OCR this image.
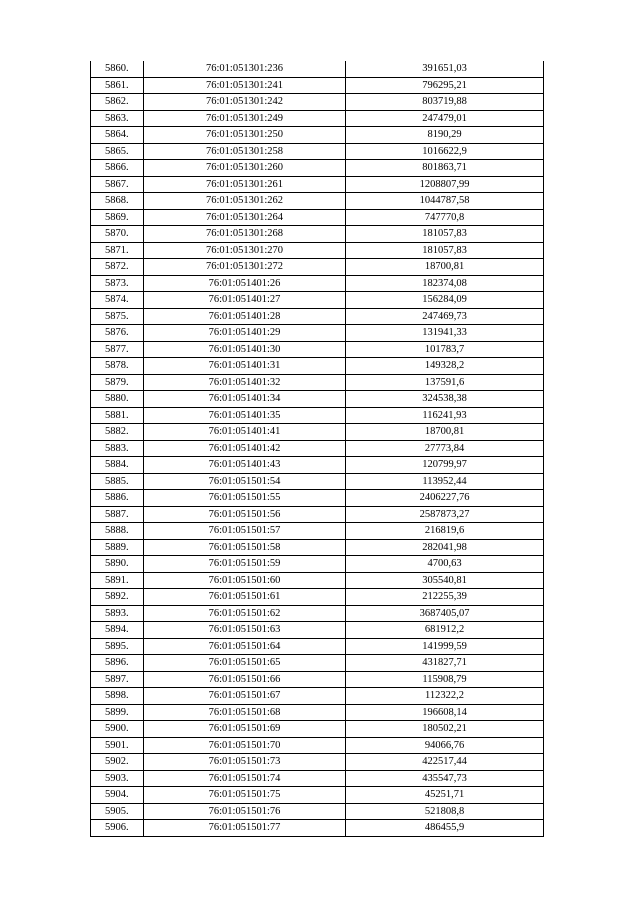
5860.	76:01:051301:236	391651,03
5861.	76:01:051301:241	796295,21
5862.	76:01:051301:242	803719,88
5863.	76:01:051301:249	247479,01
5864.	76:01:051301:250	8190,29
5865.	76:01:051301:258	1016622,9
5866.	76:01:051301:260	801863,71
5867.	76:01:051301:261	1208807,99
5868.	76:01:051301:262	1044787,58
5869.	76:01:051301:264	747770,8
5870.	76:01:051301:268	181057,83
5871.	76:01:051301:270	181057,83
5872.	76:01:051301:272	18700,81
5873.	76:01:051401:26	182374,08
5874.	76:01:051401:27	156284,09
5875.	76:01:051401:28	247469,73
5876.	76:01:051401:29	131941,33
5877.	76:01:051401:30	101783,7
5878.	76:01:051401:31	149328,2
5879.	76:01:051401:32	137591,6
5880.	76:01:051401:34	324538,38
5881.	76:01:051401:35	116241,93
5882.	76:01:051401:41	18700,81
5883.	76:01:051401:42	27773,84
5884.	76:01:051401:43	120799,97
5885.	76:01:051501:54	113952,44
5886.	76:01:051501:55	2406227,76
5887.	76:01:051501:56	2587873,27
5888.	76:01:051501:57	216819,6
5889.	76:01:051501:58	282041,98
5890.	76:01:051501:59	4700,63
5891.	76:01:051501:60	305540,81
5892.	76:01:051501:61	212255,39
5893.	76:01:051501:62	3687405,07
5894.	76:01:051501:63	681912,2
5895.	76:01:051501:64	141999,59
5896.	76:01:051501:65	431827,71
5897.	76:01:051501:66	115908,79
5898.	76:01:051501:67	112322,2
5899.	76:01:051501:68	196608,14
5900.	76:01:051501:69	180502,21
5901.	76:01:051501:70	94066,76
5902.	76:01:051501:73	422517,44
5903.	76:01:051501:74	435547,73
5904.	76:01:051501:75	45251,71
5905.	76:01:051501:76	521808,8
5906.	76:01:051501:77	486455,9
